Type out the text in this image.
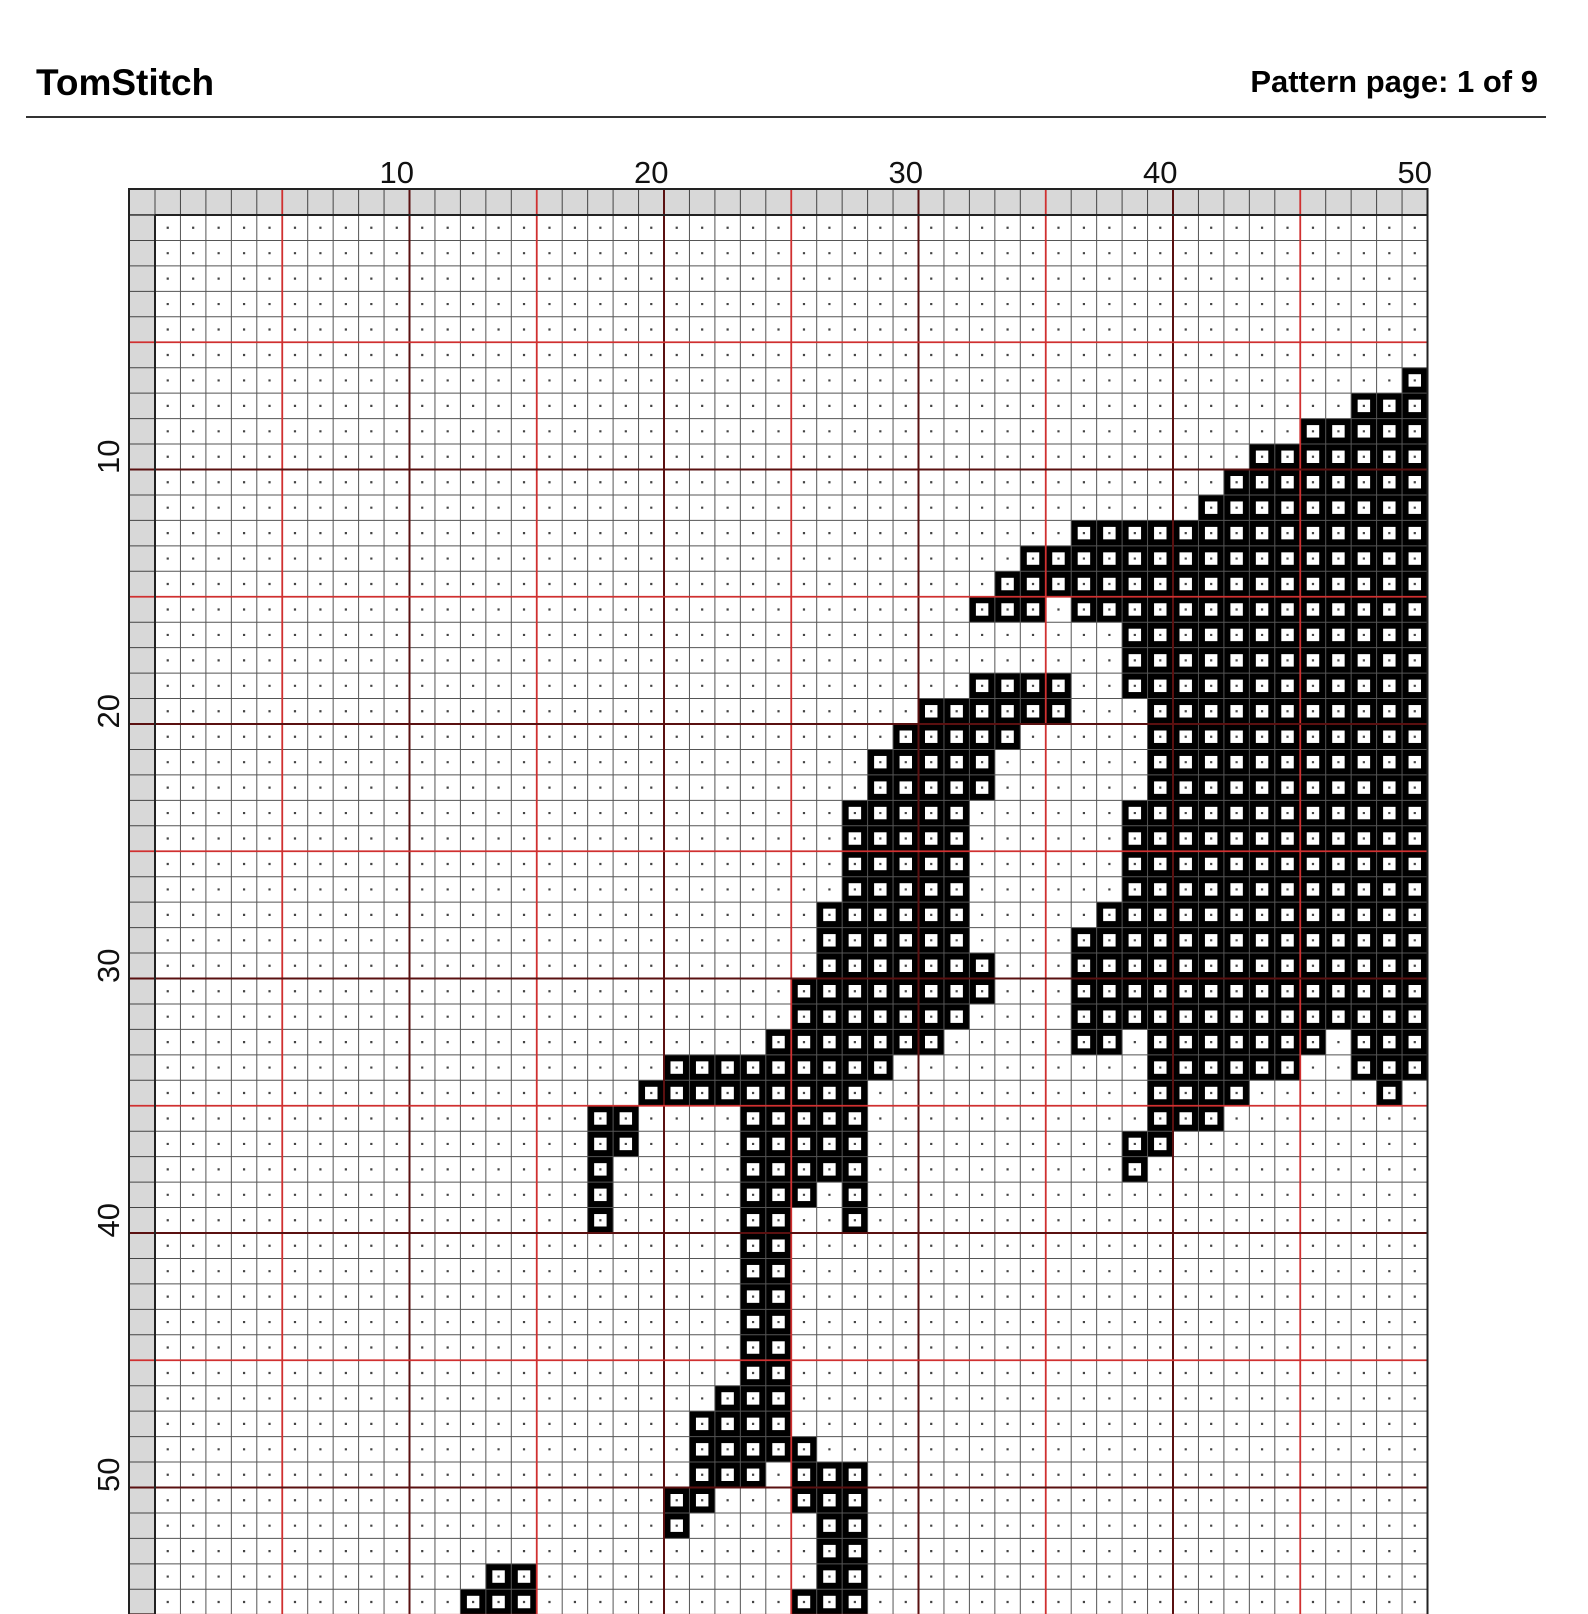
TomStitch	Pattern page: 1 of 9
10	20	30	40	50
10
20
30
40
50
